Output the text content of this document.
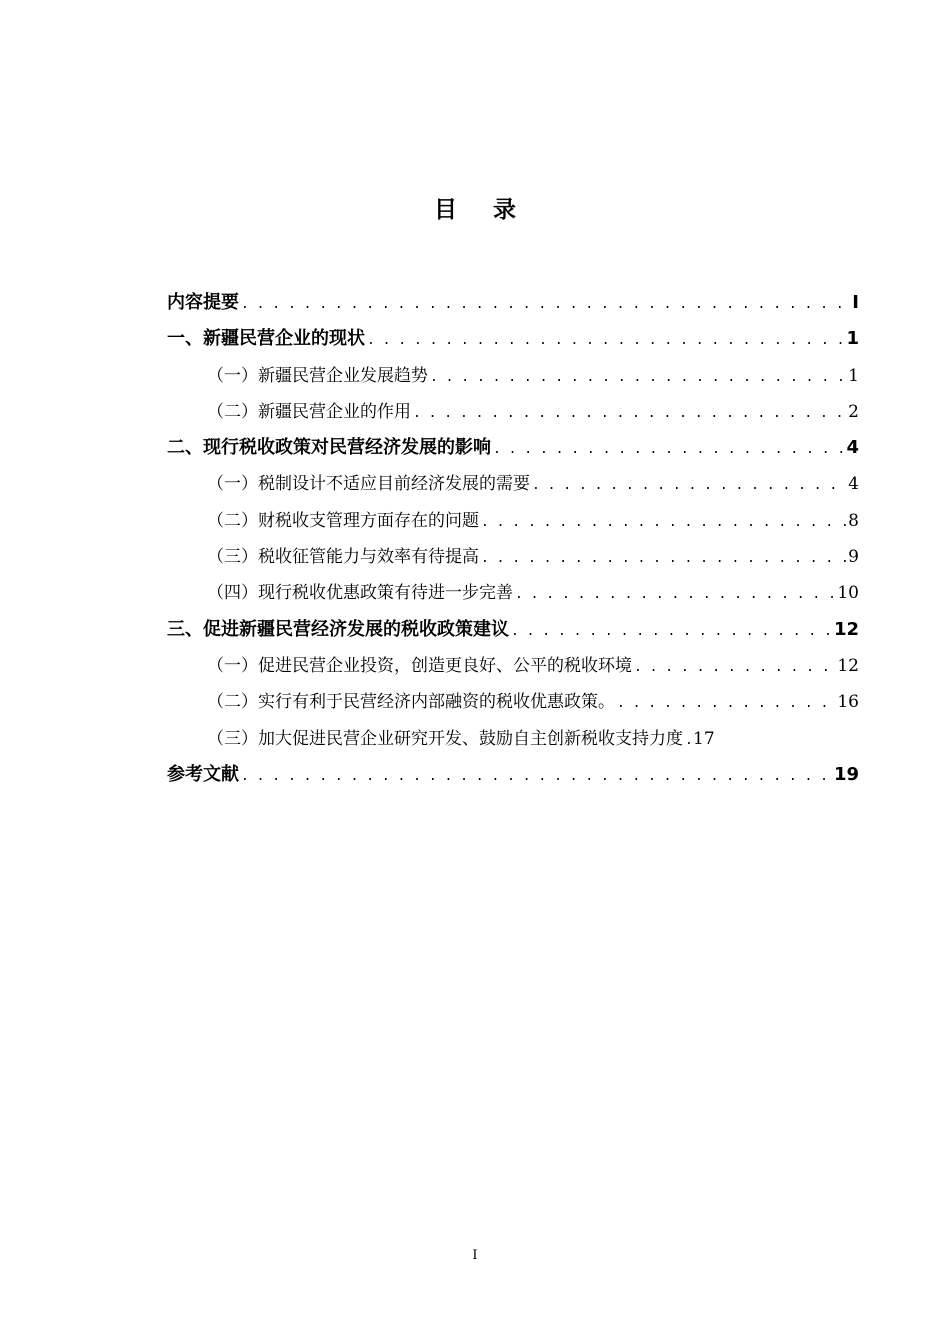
目 录
内容提要 . . .	I
一、新疆民营企业的现状 . . .	1
（一）新疆民营企业发展趋势 . . .	1
（二）新疆民营企业的作用 . . .	2
二、现行税收政策对民营经济发展的影响 . . .	4
（一）税制设计不适应目前经济发展的需要 . . .	4
（二）财税收支管理方面存在的问题 . . .	8
（三）税收征管能力与效率有待提高 . . .	9
（四）现行税收优惠政策有待进一步完善 . . .	10
三、促进新疆民营经济发展的税收政策建议 . . .	12
（一）促进民营企业投资，创造更良好、公平的税收环境 . . .	12
（二）实行有利于民营经济内部融资的税收优惠政策。 . . .	16
（三）加大促进民营企业研究开发、鼓励自主创新税收支持力度 . . . 17
参考文献 . . .	19
I
